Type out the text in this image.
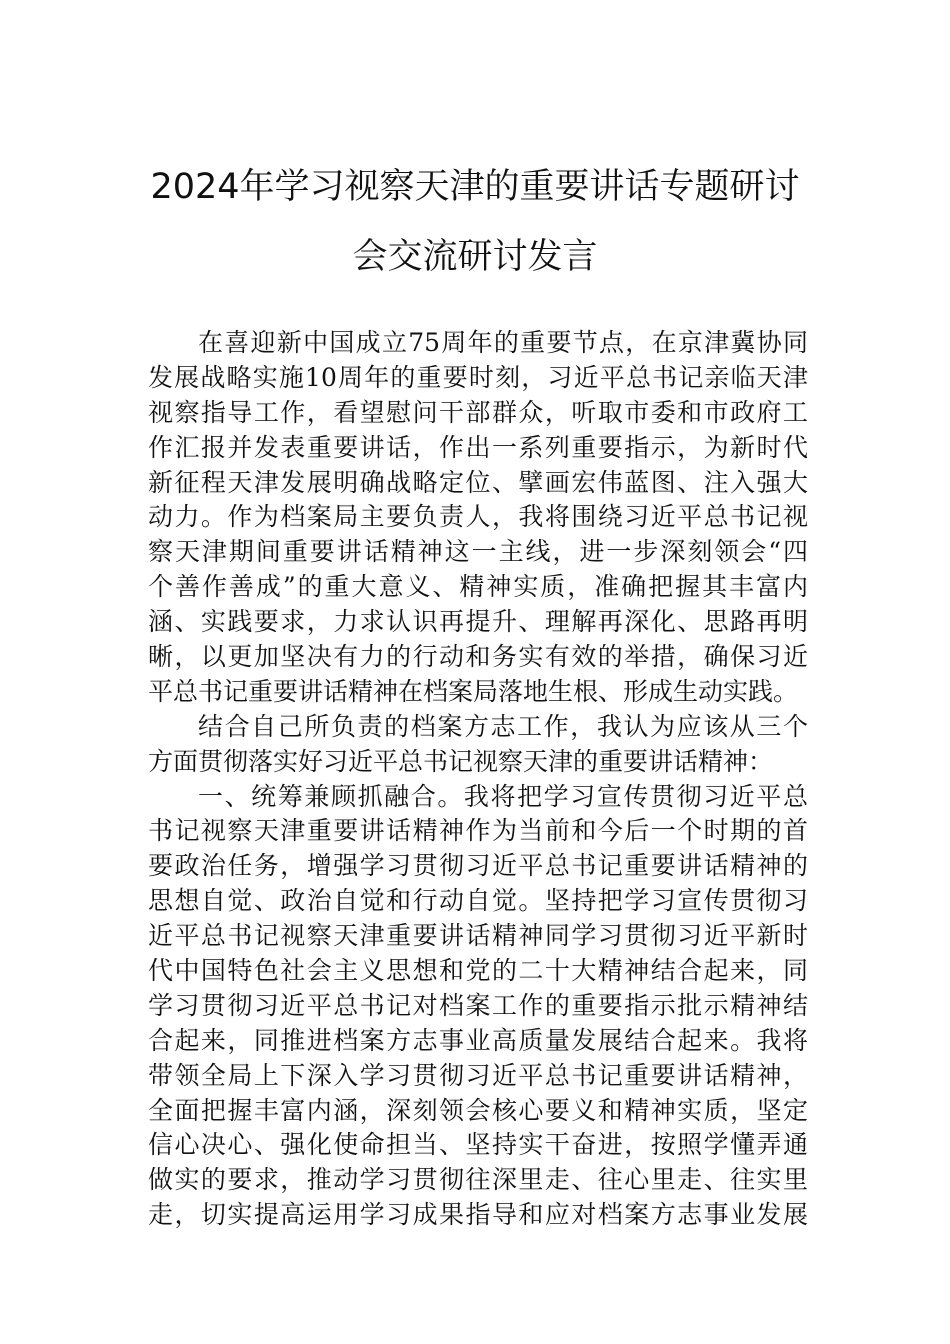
2024年学习视察天津的重要讲话专题研讨
会交流研讨发言
在喜迎新中国成立75周年的重要节点，在京津冀协同
发展战略实施10周年的重要时刻，习近平总书记亲临天津
视察指导工作，看望慰问干部群众，听取市委和市政府工
作汇报并发表重要讲话，作出一系列重要指示，为新时代
新征程天津发展明确战略定位、擘画宏伟蓝图、注入强大
动力。作为档案局主要负责人，我将围绕习近平总书记视
察天津期间重要讲话精神这一主线，进一步深刻领会“四
个善作善成”的重大意义、精神实质，准确把握其丰富内
涵、实践要求，力求认识再提升、理解再深化、思路再明
晰，以更加坚决有力的行动和务实有效的举措，确保习近
平总书记重要讲话精神在档案局落地生根、形成生动实践。
结合自己所负责的档案方志工作，我认为应该从三个
方面贯彻落实好习近平总书记视察天津的重要讲话精神：
一、统筹兼顾抓融合。我将把学习宣传贯彻习近平总
书记视察天津重要讲话精神作为当前和今后一个时期的首
要政治任务，增强学习贯彻习近平总书记重要讲话精神的
思想自觉、政治自觉和行动自觉。坚持把学习宣传贯彻习
近平总书记视察天津重要讲话精神同学习贯彻习近平新时
代中国特色社会主义思想和党的二十大精神结合起来，同
学习贯彻习近平总书记对档案工作的重要指示批示精神结
合起来，同推进档案方志事业高质量发展结合起来。我将
带领全局上下深入学习贯彻习近平总书记重要讲话精神，
全面把握丰富内涵，深刻领会核心要义和精神实质，坚定
信心决心、强化使命担当、坚持实干奋进，按照学懂弄通
做实的要求，推动学习贯彻往深里走、往心里走、往实里
走，切实提高运用学习成果指导和应对档案方志事业发展
